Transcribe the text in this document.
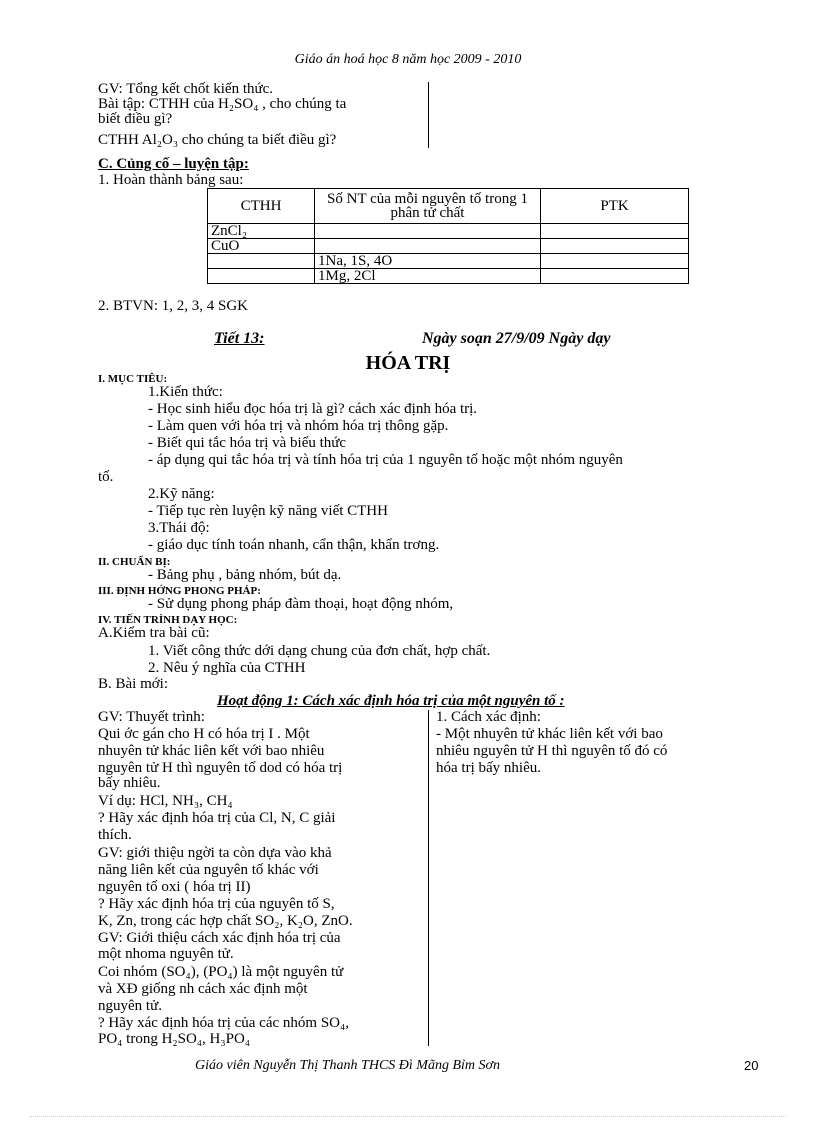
Giáo án hoá học 8 năm học 2009 - 2010
GV: Tổng kết chốt kiến thức.
Bài tập: CTHH của H₂SO₄ , cho chúng ta
biết điều gì?
CTHH Al₂O₃ cho chúng ta biết điều gì?
C. Củng cố – luyện tập:
1. Hoàn thành bảng sau:
CTHH	Số NT của mỗi nguyên tố trong 1 phân tử chất	PTK
ZnCl₂		
CuO		
	1Na, 1S, 4O	
	1Mg, 2Cl	
2. BTVN: 1, 2, 3, 4 SGK
Tiết 13:	Ngày soạn 27/9/09 Ngày dạy
HÓA TRỊ
I. MỤC TIÊU:
1.Kiến thức:
- Học sinh hiểu đọc hóa trị là gì? cách xác định hóa trị.
- Làm quen với hóa trị và nhóm hóa trị thông gặp.
- Biết qui tắc hóa trị và biểu thức
- áp dụng qui tắc hóa trị và tính hóa trị của 1 nguyên tố hoặc một nhóm nguyên
tố.
2.Kỹ năng:
- Tiếp tục rèn luyện kỹ năng viết CTHH
3.Thái độ:
- giáo dục tính toán nhanh, cẩn thận, khẩn trơng.
II. CHUẨN BỊ:
- Bảng phụ , bảng nhóm, bút dạ.
III. ĐỊNH HỚNG PHONG PHÁP:
- Sử dụng phong pháp đàm thoại, hoạt động nhóm,
IV. TIẾN TRÌNH DẠY HỌC:
A.Kiểm tra bài cũ:
1. Viết công thức dới dạng chung của đơn chất, hợp chất.
2. Nêu ý nghĩa của CTHH
B. Bài mới:
Hoạt động 1: Cách xác định hóa trị của một nguyên tố :
GV: Thuyết trình:
Qui ớc gán cho H có hóa trị I . Một
nhuyên tử khác liên kết với bao nhiêu
nguyên tử H thì nguyên tố dod có hóa trị
bấy nhiêu.
Ví dụ: HCl, NH₃, CH₄
? Hãy xác định hóa trị của Cl, N, C giải
thích.
GV: giới thiệu ngời ta còn dựa vào khả
năng liên kết của nguyên tố khác với
nguyên tố oxi ( hóa trị II)
? Hãy xác định hóa trị của nguyên tố S,
K, Zn, trong các hợp chất SO₂, K₂O, ZnO.
GV: Giới thiệu cách xác định hóa trị của
một nhoma nguyên tử.
Coi nhóm (SO₄), (PO₄) là một nguyên tử
và XĐ giống nh cách xác định một
nguyên tử.
? Hãy xác định hóa trị của các nhóm SO₄,
PO₄ trong H₂SO₄, H₃PO₄
1. Cách xác định:
- Một nhuyên tử khác liên kết với bao
nhiêu nguyên tử H thì nguyên tố đó có
hóa trị bấy nhiêu.
Giáo viên Nguyễn Thị Thanh THCS Đì Mãng Bỉm Sơn	20
